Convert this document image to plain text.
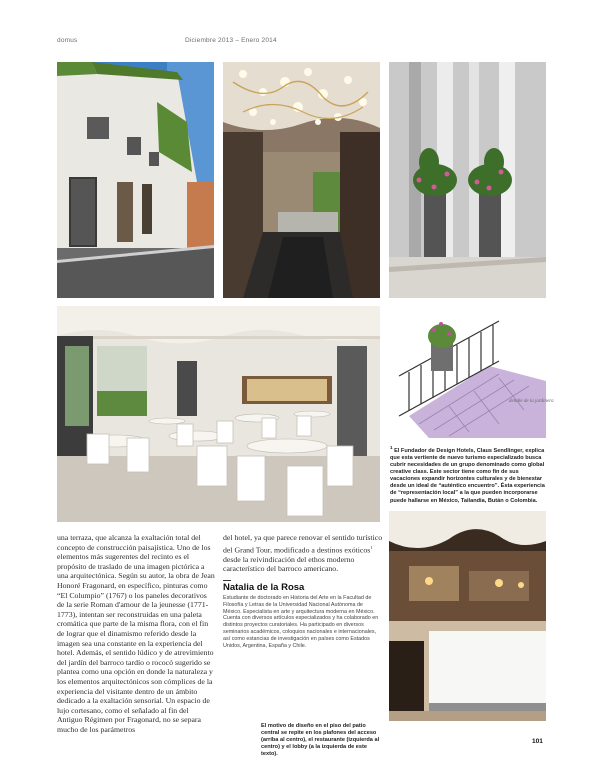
domus	Diciembre 2013 – Enero 2014
detalle de la jardinera
$^1$ El Fundador de Design Hotels, Claus Sendlinger, explica que esta vertiente de nuevo turismo especializado busca cubrir necesidades de un grupo denominado como global creative class. Este sector tiene como fin de sus vacaciones expandir horizontes culturales y de bienestar desde un ideal de “auténtico encuentro”. Ésta experiencia de “representación local” a la que pueden incorporarse puede hallarse en México, Tailandia, Bután o Colombia.

una terraza, que alcanza la exaltación total del concepto de construcción paisajística. Uno de los elementos más sugerentes del recinto es el propósito de traslado de una imagen pictórica a una arquitectónica. Según su autor, la obra de Jean Honoré Fragonard, en específico, pinturas como “El Columpio” (1767) o los paneles decorativos de la serie Roman d'amour de la jeunesse (1771-1773), intentan ser reconstruidas en una paleta cromática que parte de la misma flora, con el fin de lograr que el dinamismo referido desde la imagen sea una constante en la experiencia del hotel. Además, el sentido lúdico y de atrevimiento del jardín del barroco tardío o rococó sugerido se plantea como una opción en donde la naturaleza y los elementos arquitectónicos son cómplices de la experiencia del visitante dentro de un ámbito dedicado a la exaltación sensorial. Un espacio de lujo cortesano, como el señalado al fin del Antiguo Régimen por Fragonard, no se separa mucho de los parámetros

del hotel, ya que parece renovar el sentido turístico del Grand Tour, modificado a destinos exóticos$^1$ desde la reivindicación del ethos moderno característico del barroco americano.

Natalia de la Rosa
Estudiante de doctorado en Historia del Arte en la Facultad de Filosofía y Letras de la Universidad Nacional Autónoma de México. Especialista en arte y arquitectura moderna en México. Cuenta con diversos artículos especializados y ha colaborado en distintos proyectos curatoriales. Ha participado en diversos seminarios académicos, coloquios nacionales e internacionales, así como estancias de investigación en países como Estados Unidos, Argentina, España y Chile.
El motivo de diseño en el piso del patio central se repite en los plafones del acceso (arriba al centro), el restaurante (izquierda al centro) y el lobby (a la izquierda de este texto).
101
